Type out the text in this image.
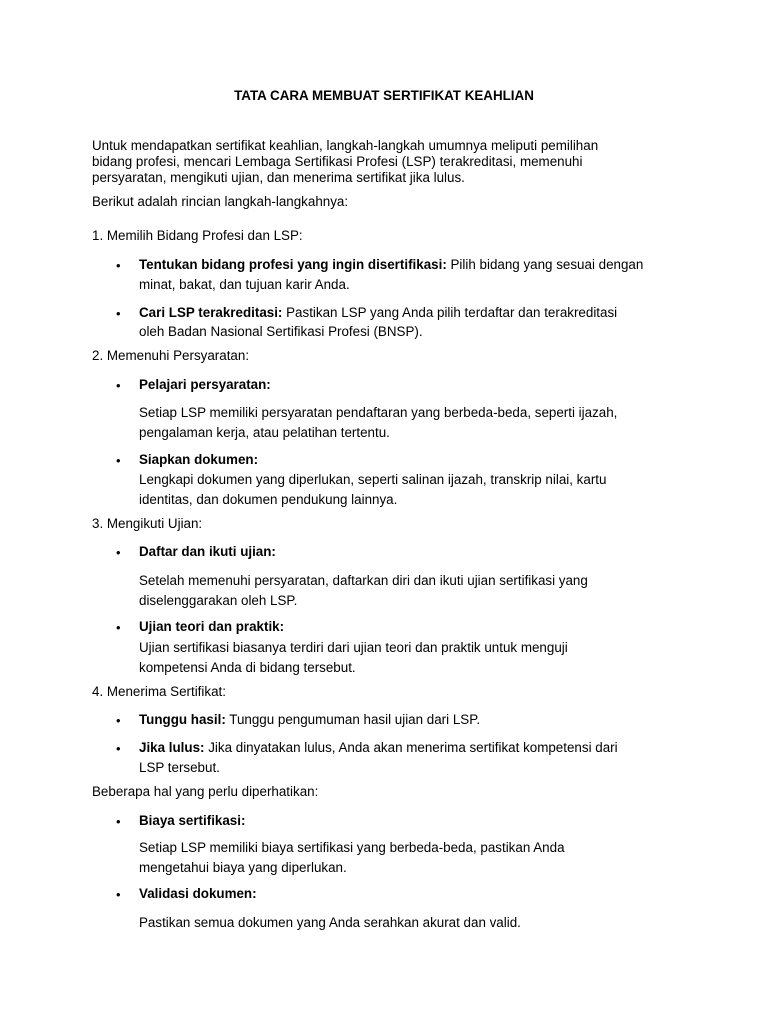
TATA CARA MEMBUAT SERTIFIKAT KEAHLIAN
Untuk mendapatkan sertifikat keahlian, langkah-langkah umumnya meliputi pemilihan
bidang profesi, mencari Lembaga Sertifikasi Profesi (LSP) terakreditasi, memenuhi
persyaratan, mengikuti ujian, dan menerima sertifikat jika lulus.
Berikut adalah rincian langkah-langkahnya:
1. Memilih Bidang Profesi dan LSP:
• Tentukan bidang profesi yang ingin disertifikasi: Pilih bidang yang sesuai dengan
minat, bakat, dan tujuan karir Anda.
• Cari LSP terakreditasi: Pastikan LSP yang Anda pilih terdaftar dan terakreditasi
oleh Badan Nasional Sertifikasi Profesi (BNSP).
2. Memenuhi Persyaratan:
• Pelajari persyaratan:
Setiap LSP memiliki persyaratan pendaftaran yang berbeda-beda, seperti ijazah,
pengalaman kerja, atau pelatihan tertentu.
• Siapkan dokumen:
Lengkapi dokumen yang diperlukan, seperti salinan ijazah, transkrip nilai, kartu
identitas, dan dokumen pendukung lainnya.
3. Mengikuti Ujian:
• Daftar dan ikuti ujian:
Setelah memenuhi persyaratan, daftarkan diri dan ikuti ujian sertifikasi yang
diselenggarakan oleh LSP.
• Ujian teori dan praktik:
Ujian sertifikasi biasanya terdiri dari ujian teori dan praktik untuk menguji
kompetensi Anda di bidang tersebut.
4. Menerima Sertifikat:
• Tunggu hasil: Tunggu pengumuman hasil ujian dari LSP.
• Jika lulus: Jika dinyatakan lulus, Anda akan menerima sertifikat kompetensi dari
LSP tersebut.
Beberapa hal yang perlu diperhatikan:
• Biaya sertifikasi:
Setiap LSP memiliki biaya sertifikasi yang berbeda-beda, pastikan Anda
mengetahui biaya yang diperlukan.
• Validasi dokumen:
Pastikan semua dokumen yang Anda serahkan akurat dan valid.
